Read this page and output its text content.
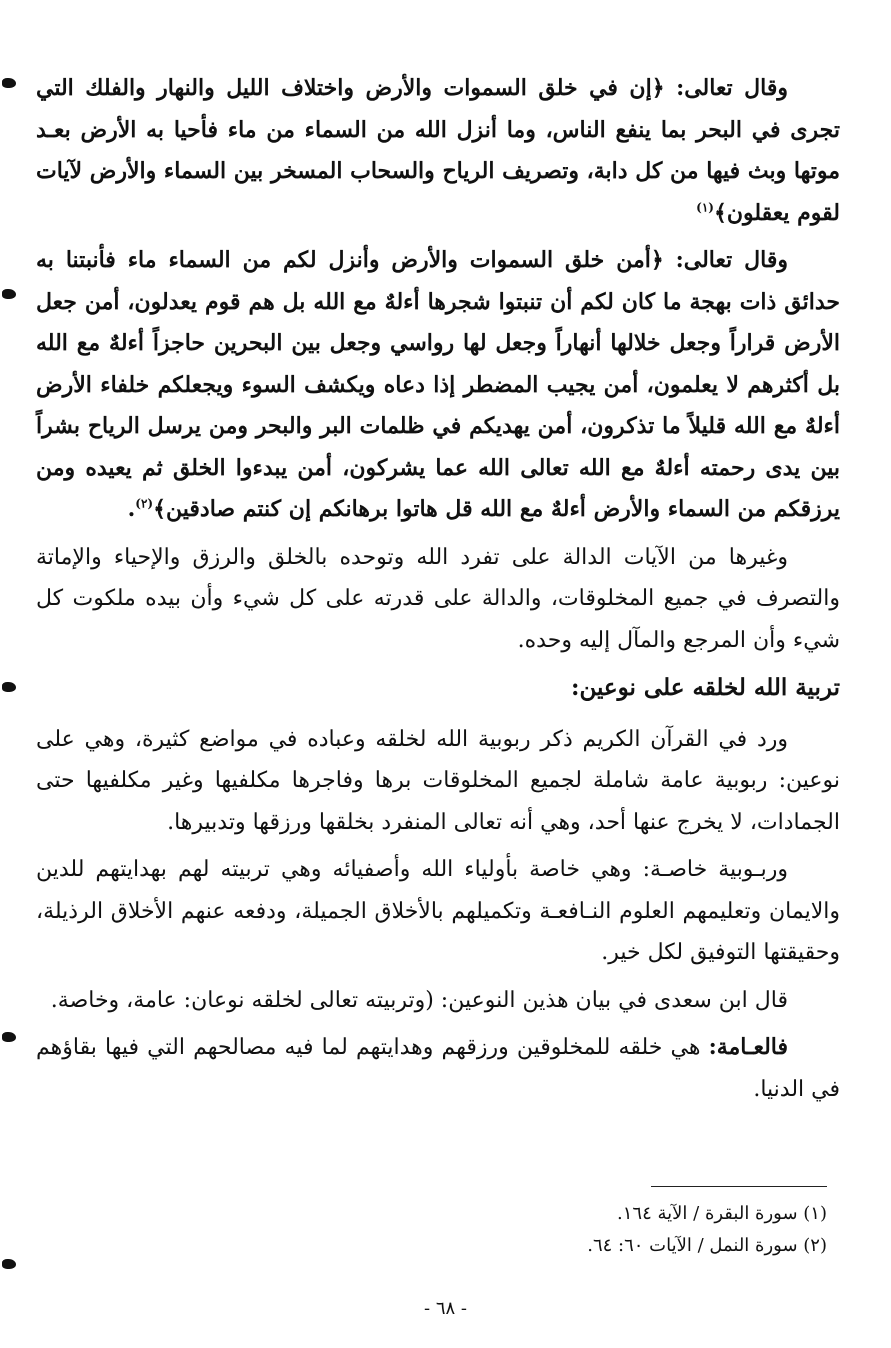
وقال تعالى: ﴿إن في خلق السموات والأرض واختلاف الليل والنهار والفلك التي تجرى في البحر بما ينفع الناس، وما أنزل الله من السماء من ماء فأحيا به الأرض بعـد موتها وبث فيها من كل دابة، وتصريف الرياح والسحاب المسخر بين السماء والأرض لآيات لقوم يعقلون﴾$^{(١)}$

وقال تعالى: ﴿أمن خلق السموات والأرض وأنزل لكم من السماء ماء فأنبتنا به حدائق ذات بهجة ما كان لكم أن تنبتوا شجرها أءلهٌ مع الله بل هم قوم يعدلون، أمن جعل الأرض قراراً وجعل خلالها أنهاراً وجعل لها رواسي وجعل بين البحرين حاجزاً أءلهٌ مع الله بل أكثرهم لا يعلمون، أمن يجيب المضطر إذا دعاه ويكشف السوء ويجعلكم خلفاء الأرض أءلهٌ مع الله قليلاً ما تذكرون، أمن يهديكم في ظلمات البر والبحر ومن يرسل الرياح بشراً بين يدى رحمته أءلهٌ مع الله تعالى الله عما يشركون، أمن يبدءوا الخلق ثم يعيده ومن يرزقكم من السماء والأرض أءلهٌ مع الله قل هاتوا برهانكم إن كنتم صادقين﴾$^{(٢)}$.

وغيرها من الآيات الدالة على تفرد الله وتوحده بالخلق والرزق والإحياء والإماتة والتصرف في جميع المخلوقات، والدالة على قدرته على كل شيء وأن بيده ملكوت كل شيء وأن المرجع والمآل إليه وحده.

تربية الله لخلقه على نوعين:

ورد في القرآن الكريم ذكر ربوبية الله لخلقه وعباده في مواضع كثيرة، وهي على نوعين: ربوبية عامة شاملة لجميع المخلوقات برها وفاجرها مكلفيها وغير مكلفيها حتى الجمادات، لا يخرج عنها أحد، وهي أنه تعالى المنفرد بخلقها ورزقها وتدبيرها.

وربـوبية خاصـة: وهي خاصة بأولياء الله وأصفيائه وهي تربيته لهم بهدايتهم للدين والايمان وتعليمهم العلوم النـافعـة وتكميلهم بالأخلاق الجميلة، ودفعه عنهم الأخلاق الرذيلة، وحقيقتها التوفيق لكل خير.

قال ابن سعدى في بيان هذين النوعين: (وتربيته تعالى لخلقه نوعان: عامة، وخاصة.

فالعـامة: هي خلقه للمخلوقين ورزقهم وهدايتهم لما فيه مصالحهم التي فيها بقاؤهم في الدنيا.

(١) سورة البقرة / الآية ١٦٤.

(٢) سورة النمل / الآيات ٦٠: ٦٤.

- ٦٨ -
